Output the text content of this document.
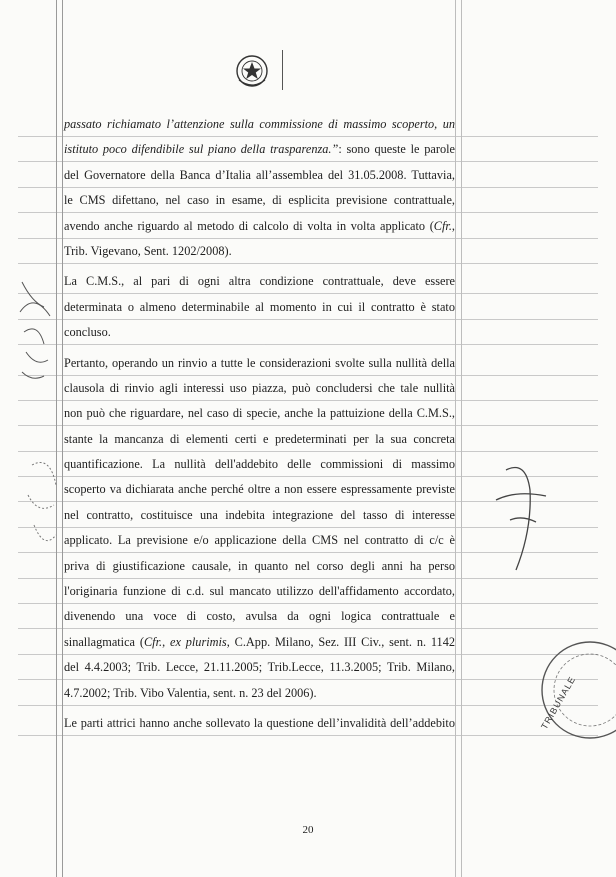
passato richiamato l’attenzione sulla commissione di massimo scoperto, un
istituto poco difendibile sul piano della trasparenza.”: sono queste le parole
del Governatore della Banca d’Italia all’assemblea del 31.05.2008. Tuttavia,
le CMS difettano, nel caso in esame, di esplicita previsione contrattuale,
avendo anche riguardo al metodo di calcolo di volta in volta applicato (Cfr.,
Trib. Vigevano, Sent. 1202/2008).
La C.M.S., al pari di ogni altra condizione contrattuale, deve essere
determinata o almeno determinabile al momento in cui il contratto è stato
concluso.
Pertanto, operando un rinvio a tutte le considerazioni svolte sulla nullità della
clausola di rinvio agli interessi uso piazza, può concludersi che tale nullità
non può che riguardare, nel caso di specie, anche la pattuizione della C.M.S.,
stante la mancanza di elementi certi e predeterminati per la sua concreta
quantificazione. La nullità dell'addebito delle commissioni di massimo
scoperto va dichiarata anche perché oltre a non essere espressamente previste
nel contratto, costituisce una indebita integrazione del tasso di interesse
applicato. La previsione e/o applicazione della CMS nel contratto di c/c è
priva di giustificazione causale, in quanto nel corso degli anni ha perso
l'originaria funzione di c.d. sul mancato utilizzo dell'affidamento accordato,
divenendo una voce di costo, avulsa da ogni logica contrattuale e
sinallagmatica (Cfr., ex plurimis, C.App. Milano, Sez. III Civ., sent. n. 1142
del 4.4.2003; Trib. Lecce, 21.11.2005; Trib.Lecce, 11.3.2005; Trib. Milano,
4.7.2002; Trib. Vibo Valentia, sent. n. 23 del 2006).
Le parti attrici hanno anche sollevato la questione dell’invalidità dell’addebito	TRIBUNALE
20
